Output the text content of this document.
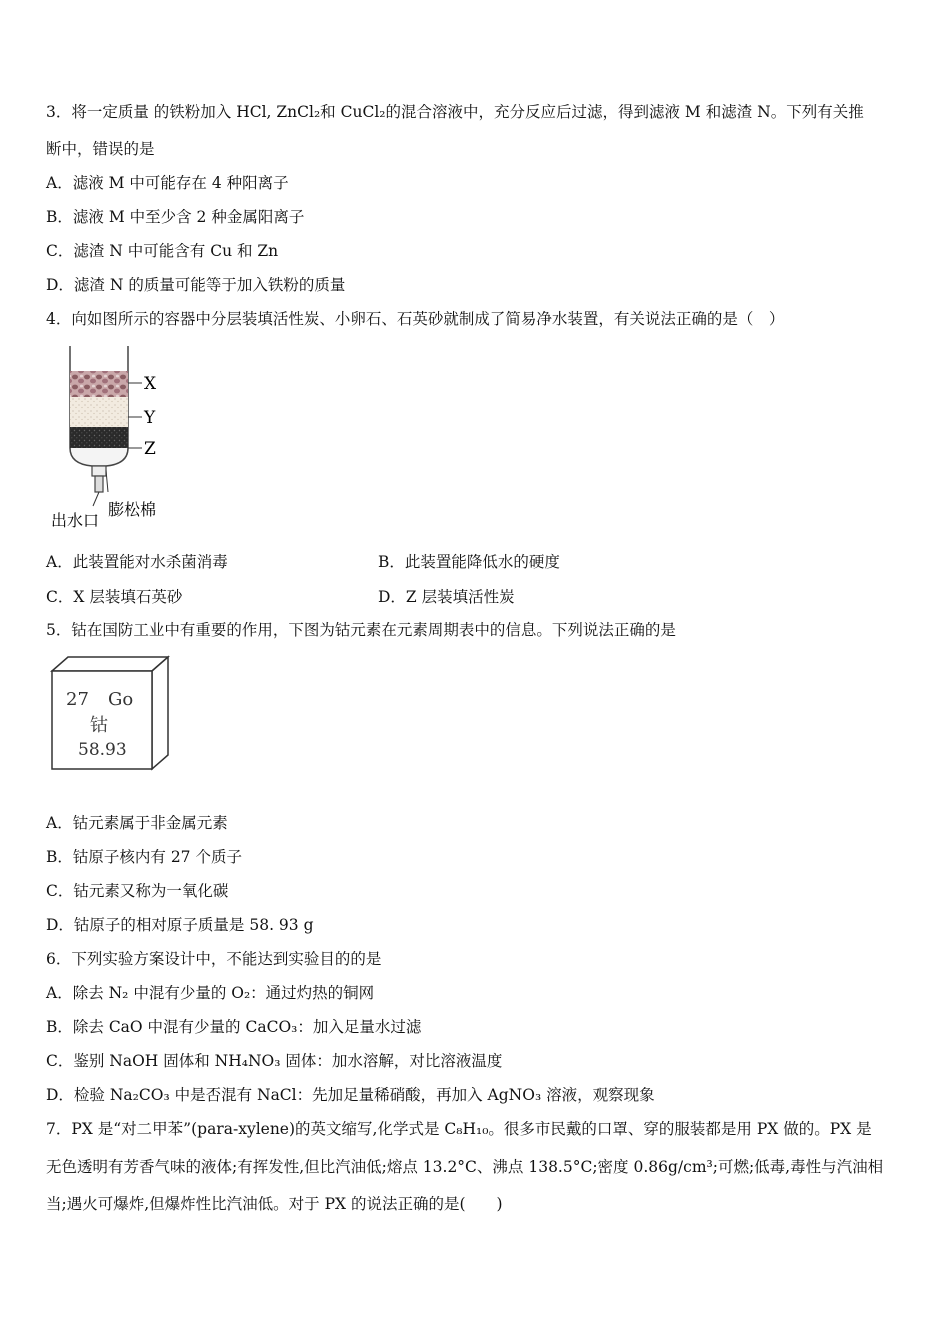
3．将一定质量 的铁粉加入 HCl, ZnCl₂和 CuCl₂的混合溶液中，充分反应后过滤，得到滤液 M 和滤渣 N。下列有关推
断中，错误的是
A．滤液 M 中可能存在 4 种阳离子
B．滤液 M 中至少含 2 种金属阳离子
C．滤渣 N 中可能含有 Cu 和 Zn
D．滤渣 N 的质量可能等于加入铁粉的质量
4．向如图所示的容器中分层装填活性炭、小卵石、石英砂就制成了简易净水装置，有关说法正确的是（　）
X
Y
Z
膨松棉
出水口
A．此装置能对水杀菌消毒	B．此装置能降低水的硬度
C．X 层装填石英砂	D．Z 层装填活性炭
5．钴在国防工业中有重要的作用，下图为钴元素在元素周期表中的信息。下列说法正确的是
27 Go
钴
58.93
A．钴元素属于非金属元素
B．钴原子核内有 27 个质子
C．钴元素又称为一氧化碳
D．钴原子的相对原子质量是 58. 93 g
6．下列实验方案设计中，不能达到实验目的的是
A．除去 N₂ 中混有少量的 O₂：通过灼热的铜网
B．除去 CaO 中混有少量的 CaCO₃：加入足量水过滤
C．鉴别 NaOH 固体和 NH₄NO₃ 固体：加水溶解，对比溶液温度
D．检验 Na₂CO₃ 中是否混有 NaCl：先加足量稀硝酸，再加入 AgNO₃ 溶液，观察现象
7．PX 是“对二甲苯”(para-xylene)的英文缩写,化学式是 C₈H₁₀。很多市民戴的口罩、穿的服装都是用 PX 做的。PX 是
无色透明有芳香气味的液体;有挥发性,但比汽油低;熔点 13.2°C、沸点 138.5°C;密度 0.86g/cm³;可燃;低毒,毒性与汽油相
当;遇火可爆炸,但爆炸性比汽油低。对于 PX 的说法正确的是(　　)
